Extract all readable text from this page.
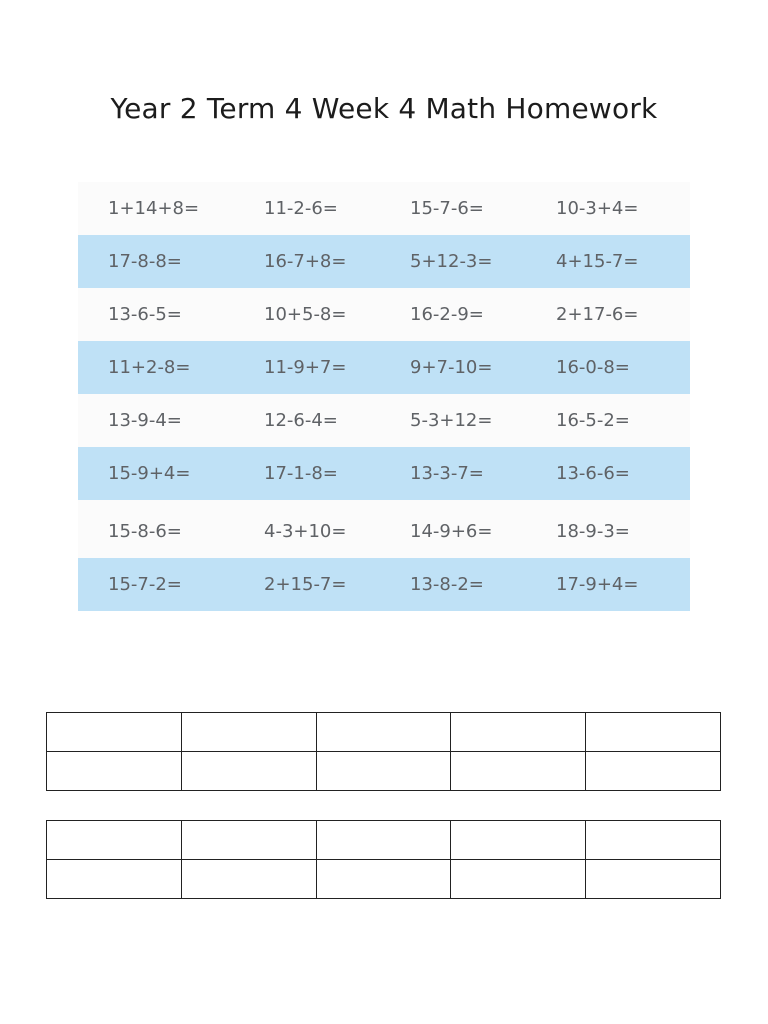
Year 2 Term 4 Week 4 Math Homework
1+14+8=	11-2-6=	15-7-6=	10-3+4=
17-8-8=	16-7+8=	5+12-3=	4+15-7=
13-6-5=	10+5-8=	16-2-9=	2+17-6=
11+2-8=	11-9+7=	9+7-10=	16-0-8=
13-9-4=	12-6-4=	5-3+12=	16-5-2=
15-9+4=	17-1-8=	13-3-7=	13-6-6=
15-8-6=	4-3+10=	14-9+6=	18-9-3=
15-7-2=	2+15-7=	13-8-2=	17-9+4=
